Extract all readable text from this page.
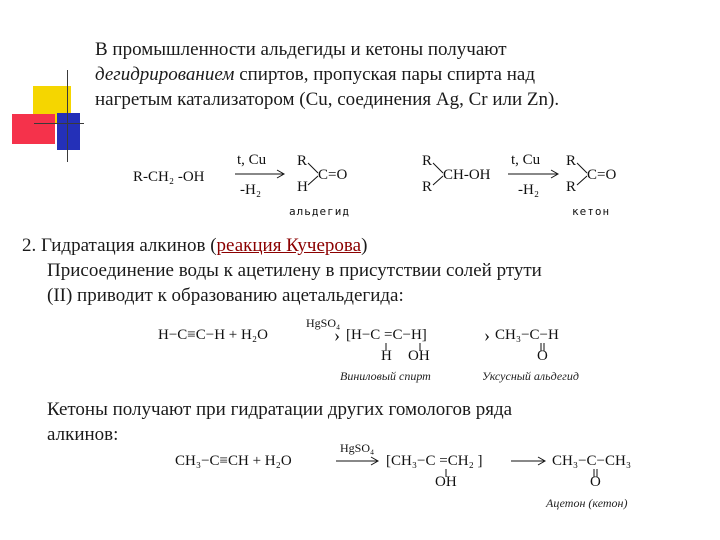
В промышленности альдегиды и кетоны получают
дегидрированием спиртов, пропуская пары спирта над
нагретым катализатором (Cu, соединения Ag, Cr или Zn).
R-CH₂ -OH
t, Cu
-H₂
R
H
C=O
альдегид
R
R
CH-OH
t, Cu
-H₂
R
R
C=O
кетон
2. Гидратация алкинов (реакция Кучерова)
Присоединение воды к ацетилену в присутствии солей ртути
(II) приводит к образованию ацетальдегида:
H−C≡C−H + H₂O
HgSO₄
› [H−C =C−H]
H OH
› CH₃−C−H
O
Виниловый спирт	Уксусный альдегид
Кетоны получают при гидратации других гомологов ряда
алкинов:
CH₃−C≡CH + H₂O
HgSO₄
[CH₃−C =CH₂ ]
OH
CH₃−C−CH₃
O
Ацетон (кетон)
